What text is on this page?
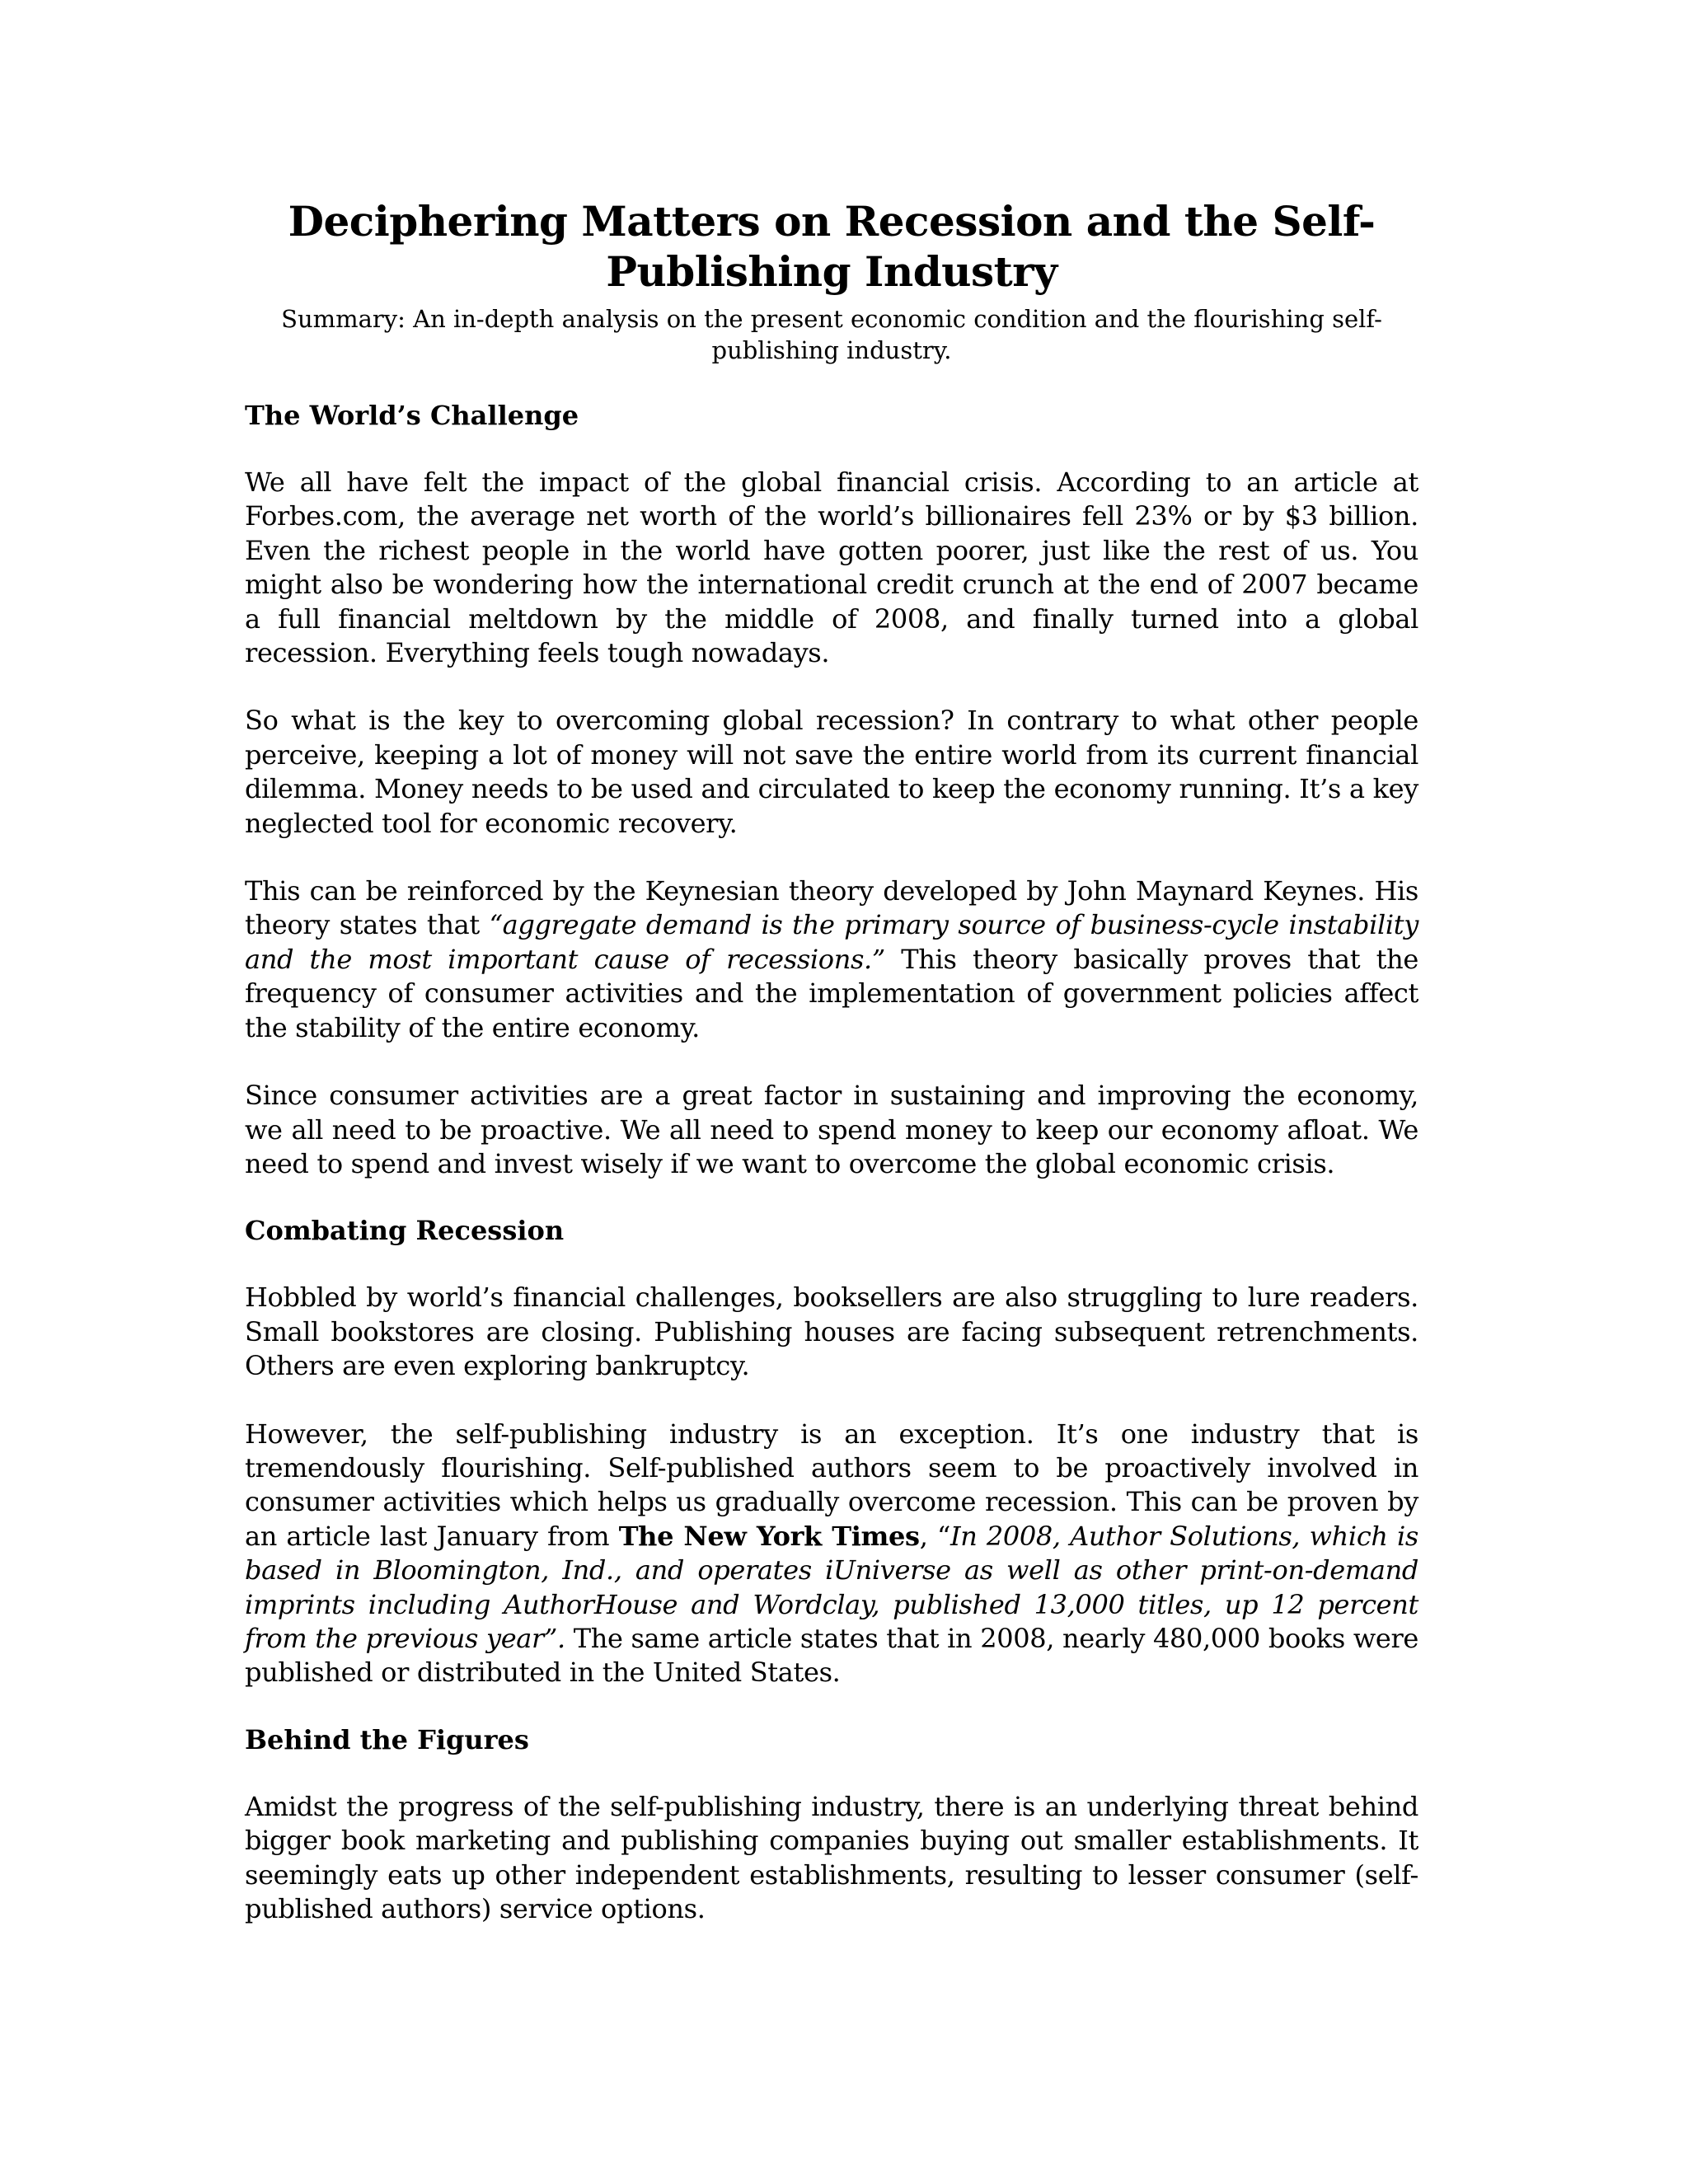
Deciphering Matters on Recession and the Self-Publishing Industry
Summary: An in-depth analysis on the present economic condition and the flourishing self-publishing industry.
The World’s Challenge

We all have felt the impact of the global financial crisis. According to an article at Forbes.com, the average net worth of the world’s billionaires fell 23% or by $3 billion. Even the richest people in the world have gotten poorer, just like the rest of us. You might also be wondering how the international credit crunch at the end of 2007 became a full financial meltdown by the middle of 2008, and finally turned into a global recession. Everything feels tough nowadays.

So what is the key to overcoming global recession? In contrary to what other people perceive, keeping a lot of money will not save the entire world from its current financial dilemma. Money needs to be used and circulated to keep the economy running. It’s a key neglected tool for economic recovery.

This can be reinforced by the Keynesian theory developed by John Maynard Keynes. His theory states that “aggregate demand is the primary source of business-cycle instability and the most important cause of recessions.” This theory basically proves that the frequency of consumer activities and the implementation of government policies affect the stability of the entire economy.

Since consumer activities are a great factor in sustaining and improving the economy, we all need to be proactive. We all need to spend money to keep our economy afloat. We need to spend and invest wisely if we want to overcome the global economic crisis.

Combating Recession

Hobbled by world’s financial challenges, booksellers are also struggling to lure readers. Small bookstores are closing. Publishing houses are facing subsequent retrenchments. Others are even exploring bankruptcy.

However, the self-publishing industry is an exception. It’s one industry that is tremendously flourishing. Self-published authors seem to be proactively involved in consumer activities which helps us gradually overcome recession. This can be proven by an article last January from The New York Times, “In 2008, Author Solutions, which is based in Bloomington, Ind., and operates iUniverse as well as other print-on-demand imprints including AuthorHouse and Wordclay, published 13,000 titles, up 12 percent from the previous year”. The same article states that in 2008, nearly 480,000 books were published or distributed in the United States.

Behind the Figures

Amidst the progress of the self-publishing industry, there is an underlying threat behind bigger book marketing and publishing companies buying out smaller establishments. It seemingly eats up other independent establishments, resulting to lesser consumer (self-published authors) service options.
